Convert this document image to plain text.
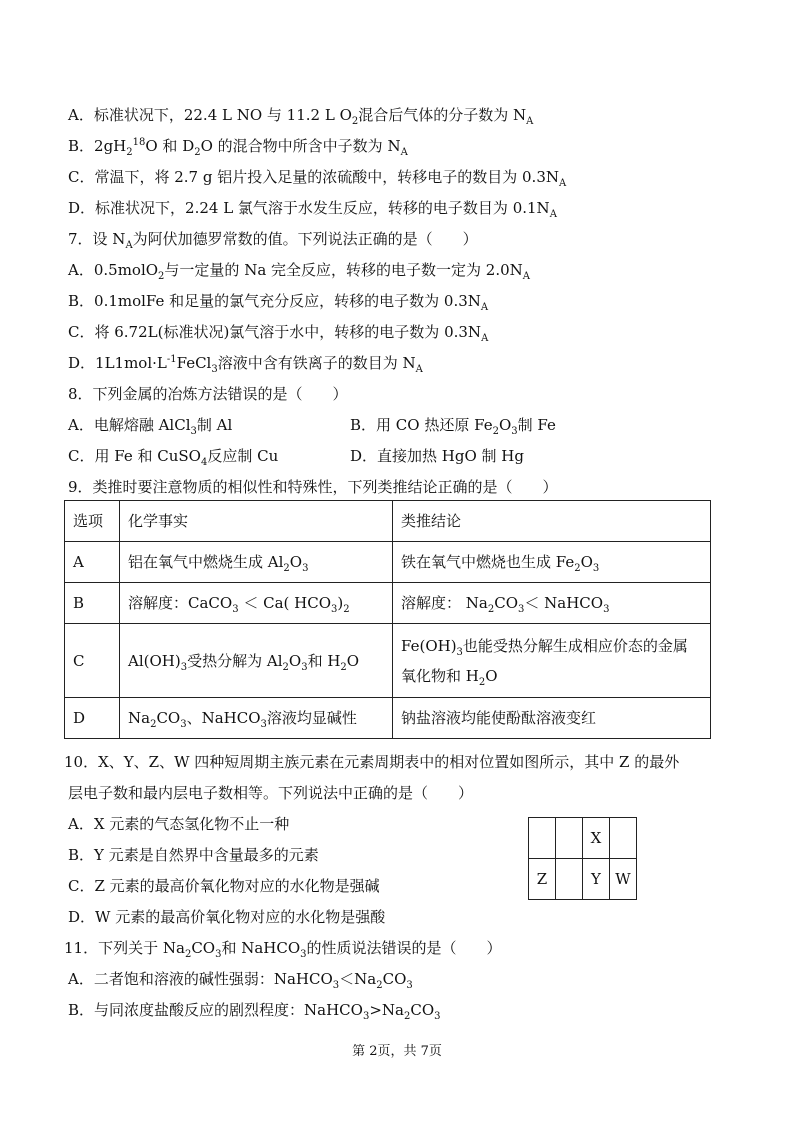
A．标准状况下，22.4 L NO 与 11.2 L $O_2$混合后气体的分子数为 $N_A$
B．$2gH_2^{18}O$ 和 $D_2O$ 的混合物中所含中子数为 $N_A$
C．常温下，将 2.7 g 铝片投入足量的浓硫酸中，转移电子的数目为 $0.3N_A$
D．标准状况下，2.24 L 氯气溶于水发生反应，转移的电子数目为 $0.1N_A$
7．设 $N_A$为阿伏加德罗常数的值。下列说法正确的是（　　）
A．0.5molO$_2$与一定量的 Na 完全反应，转移的电子数一定为 $2.0N_A$
B．0.1molFe 和足量的氯气充分反应，转移的电子数为 $0.3N_A$
C．将 6.72L(标准状况)氯气溶于水中，转移的电子数为 $0.3N_A$
D．$1L1mol\cdot L^{-1}FeCl_3$溶液中含有铁离子的数目为 $N_A$
8．下列金属的冶炼方法错误的是（　　）
A．电解熔融 AlCl$_3$制 Al	B．用 CO 热还原 $Fe_2O_3$制 Fe
C．用 Fe 和 CuSO$_4$反应制 Cu	D．直接加热 HgO 制 Hg
9．类推时要注意物质的相似性和特殊性，下列类推结论正确的是（　　）
选项	化学事实	类推结论
A	铝在氧气中燃烧生成 $Al_2O_3$	铁在氧气中燃烧也生成 $Fe_2O_3$
B	溶解度：CaCO$_3$ ＜ Ca( $HCO_3)_2$	溶解度： $Na_2CO_3<$ NaHCO$_3$
C	$Al(OH)_3$受热分解为 $Al_2O_3$和 $H_2O$	$Fe(OH)_3$也能受热分解生成相应价态的金属
氧化物和 $H_2O$
D	$Na_2CO_3$、NaHCO$_3$溶液均显碱性	钠盐溶液均能使酚酞溶液变红
10．X、Y、Z、W 四种短周期主族元素在元素周期表中的相对位置如图所示，其中 Z 的最外
层电子数和最内层电子数相等。下列说法中正确的是（　　）
A．X 元素的气态氢化物不止一种
B．Y 元素是自然界中含量最多的元素
C．Z 元素的最高价氧化物对应的水化物是强碱
D．W 元素的最高价氧化物对应的水化物是强酸
		X	
Z		Y	W
11．下列关于 $Na_2CO_3$和 NaHCO$_3$的性质说法错误的是（　　）
A．二者饱和溶液的碱性强弱：$NaHCO_3<Na_2CO_3$
B．与同浓度盐酸反应的剧烈程度：$NaHCO_3>Na_2CO_3$
第 2页，共 7页
